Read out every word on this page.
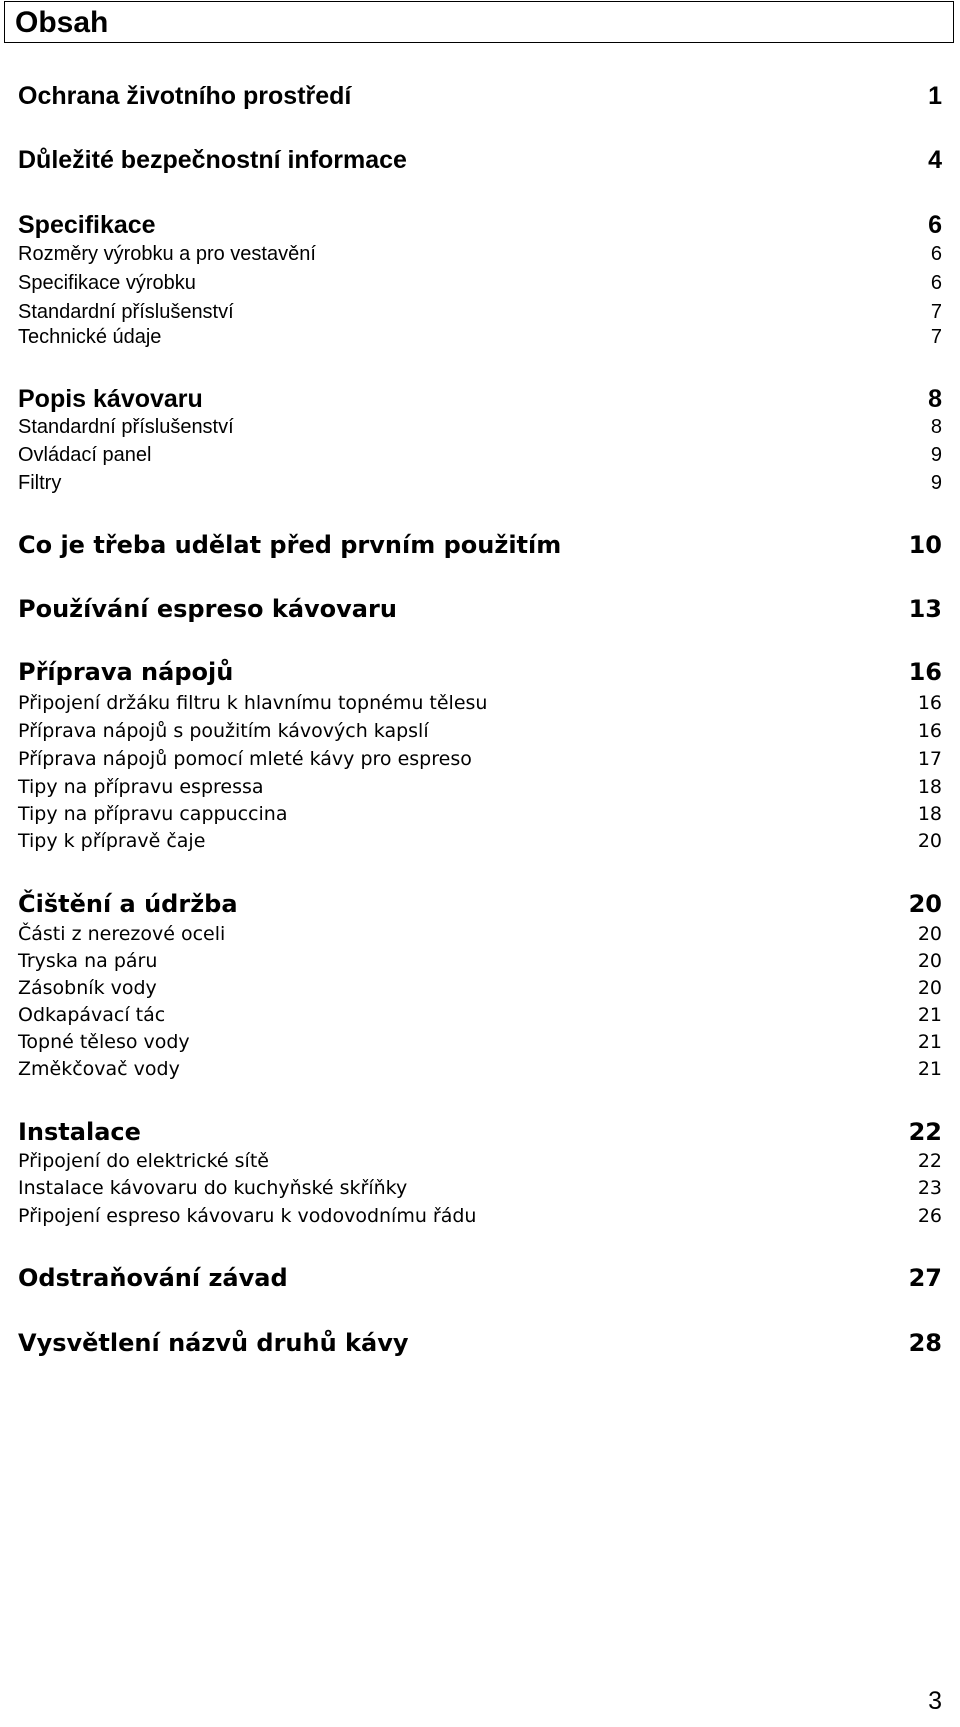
Obsah
Ochrana životního prostředí	1
Důležité bezpečnostní informace	4
Specifikace	6
Rozměry výrobku a pro vestavění	6
Specifikace výrobku	6
Standardní příslušenství	7
Technické údaje	7
Popis kávovaru	8
Standardní příslušenství	8
Ovládací panel	9
Filtry	9
Co je třeba udělat před prvním použitím	10
Používání espreso kávovaru	13
Příprava nápojů	16
Připojení držáku filtru k hlavnímu topnému tělesu	16
Příprava nápojů s použitím kávových kapslí	16
Příprava nápojů pomocí mleté kávy pro espreso	17
Tipy na přípravu espressa	18
Tipy na přípravu cappuccina	18
Tipy k přípravě čaje	20
Čištění a údržba	20
Části z nerezové oceli	20
Tryska na páru	20
Zásobník vody	20
Odkapávací tác	21
Topné těleso vody	21
Změkčovač vody	21
Instalace	22
Připojení do elektrické sítě	22
Instalace kávovaru do kuchyňské skříňky	23
Připojení espreso kávovaru k vodovodnímu řádu	26
Odstraňování závad	27
Vysvětlení názvů druhů kávy	28
3
